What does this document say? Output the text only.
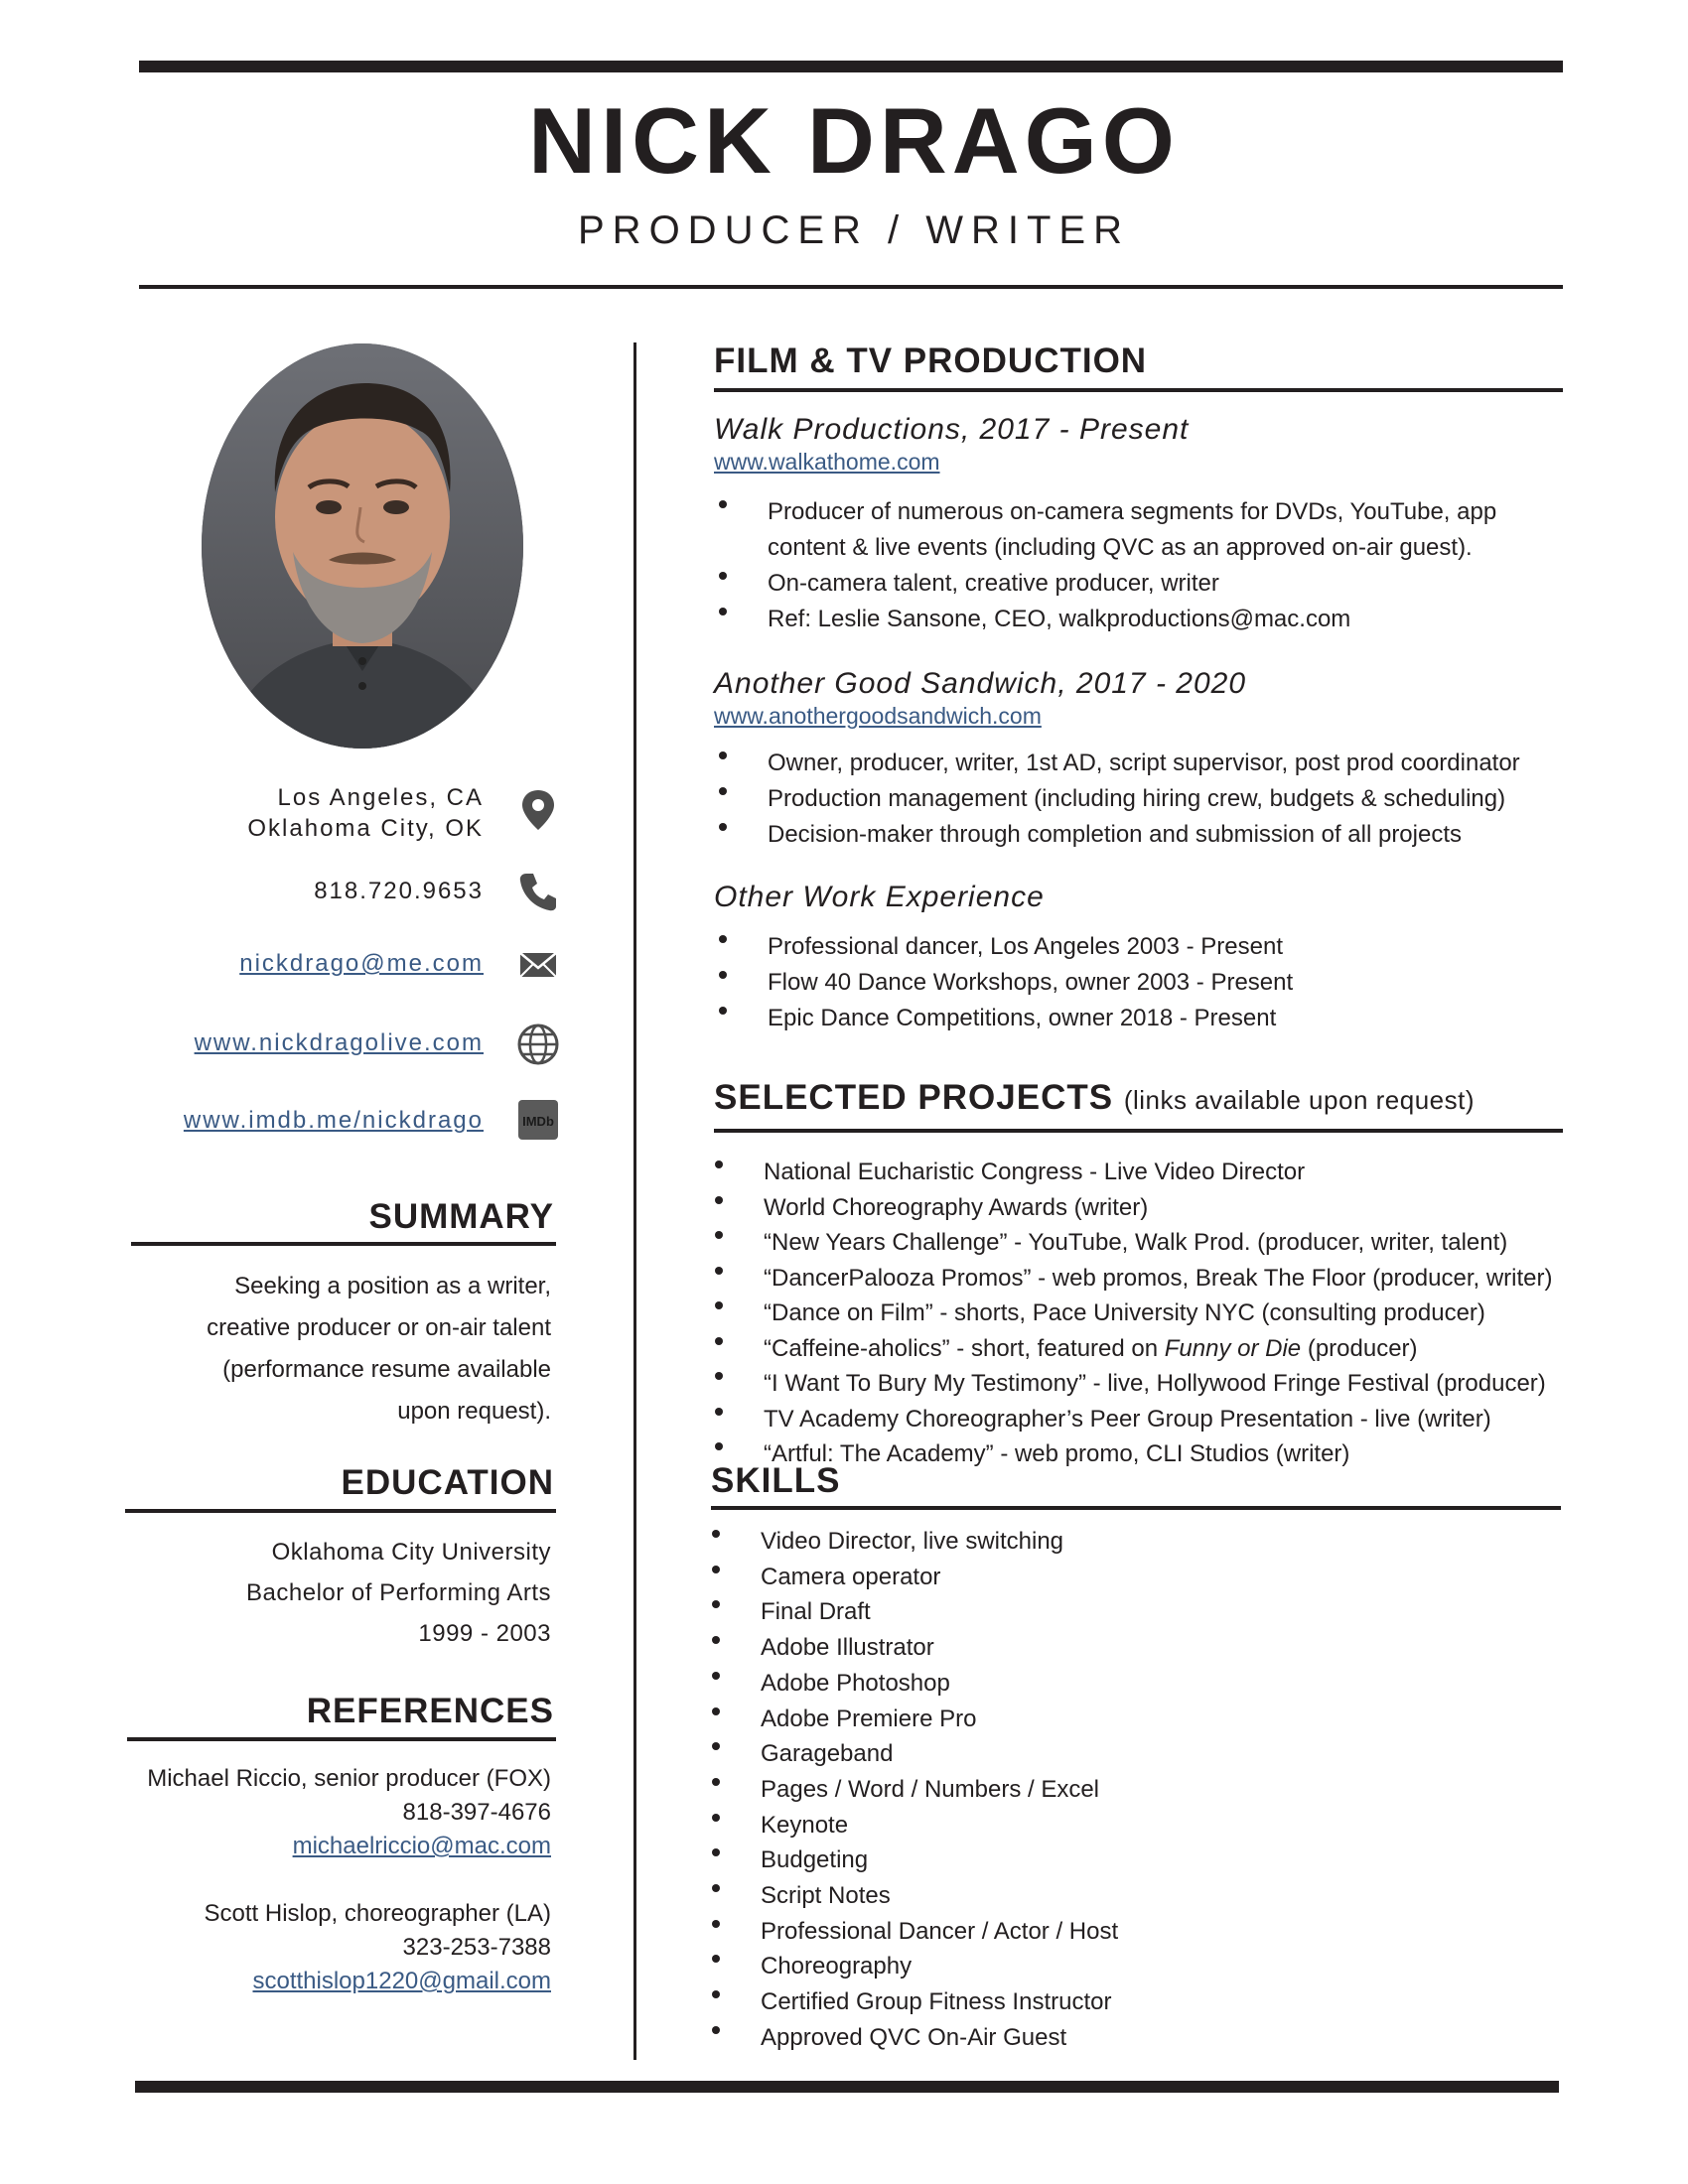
NICK DRAGO
PRODUCER / WRITER
Los Angeles, CA
Oklahoma City, OK
818.720.9653
nickdrago@me.com
www.nickdragolive.com
www.imdb.me/nickdrago	IMDb
SUMMARY
Seeking a position as a writer,
creative producer or on-air talent
(performance resume available
upon request).
EDUCATION
Oklahoma City University
Bachelor of Performing Arts
1999 - 2003
REFERENCES
Michael Riccio, senior producer (FOX)
818-397-4676
michaelriccio@mac.com
Scott Hislop, choreographer (LA)
323-253-7388
scotthislop1220@gmail.com
FILM & TV PRODUCTION
Walk Productions, 2017 - Present
www.walkathome.com
Producer of numerous on-camera segments for DVDs, YouTube, app
content & live events (including QVC as an approved on-air guest).
On-camera talent, creative producer, writer
Ref: Leslie Sansone, CEO, walkproductions@mac.com
Another Good Sandwich, 2017 - 2020
www.anothergoodsandwich.com
Owner, producer, writer, 1st AD, script supervisor, post prod coordinator
Production management (including hiring crew, budgets & scheduling)
Decision-maker through completion and submission of all projects
Other Work Experience
Professional dancer, Los Angeles 2003 - Present
Flow 40 Dance Workshops, owner 2003 - Present
Epic Dance Competitions, owner 2018 - Present
SELECTED PROJECTS (links available upon request)
National Eucharistic Congress - Live Video Director
World Choreography Awards (writer)
“New Years Challenge” - YouTube, Walk Prod. (producer, writer, talent)
“DancerPalooza Promos” - web promos, Break The Floor (producer, writer)
“Dance on Film” - shorts, Pace University NYC (consulting producer)
“Caffeine-aholics” - short, featured on Funny or Die (producer)
“I Want To Bury My Testimony” - live, Hollywood Fringe Festival (producer)
TV Academy Choreographer’s Peer Group Presentation - live (writer)
“Artful: The Academy” - web promo, CLI Studios (writer)
SKILLS
Video Director, live switching
Camera operator
Final Draft
Adobe Illustrator
Adobe Photoshop
Adobe Premiere Pro
Garageband
Pages / Word / Numbers / Excel
Keynote
Budgeting
Script Notes
Professional Dancer / Actor / Host
Choreography
Certified Group Fitness Instructor
Approved QVC On-Air Guest
